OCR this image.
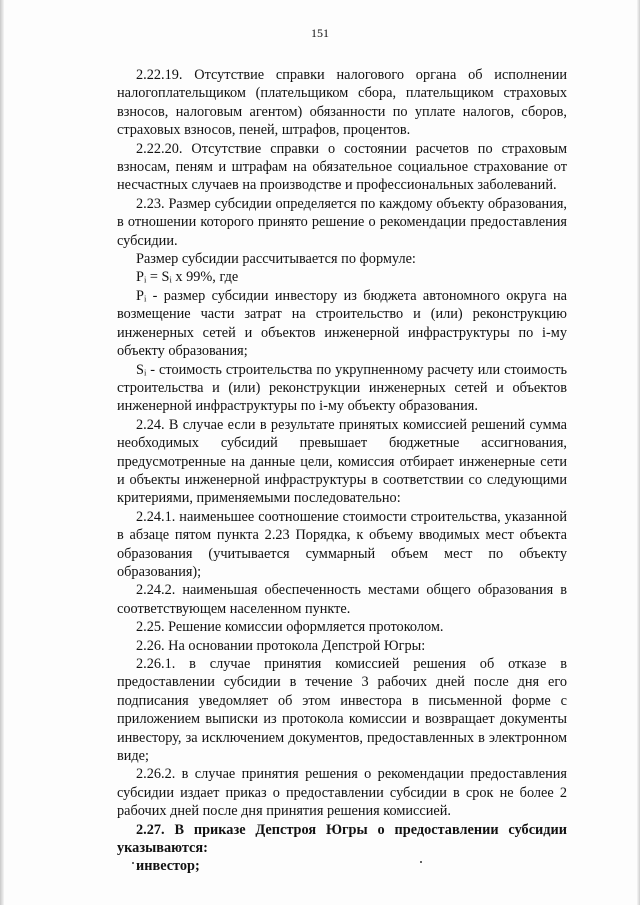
151

2.22.19. Отсутствие справки налогового органа об исполнении налогоплательщиком (плательщиком сбора, плательщиком страховых взносов, налоговым агентом) обязанности по уплате налогов, сборов, страховых взносов, пеней, штрафов, процентов.

2.22.20. Отсутствие справки о состоянии расчетов по страховым взносам, пеням и штрафам на обязательное социальное страхование от несчастных случаев на производстве и профессиональных заболеваний.

2.23. Размер субсидии определяется по каждому объекту образования, в отношении которого принято решение о рекомендации предоставления субсидии.

Размер субсидии рассчитывается по формуле:

Pᵢ = Sᵢ x 99%, где

Pᵢ - размер субсидии инвестору из бюджета автономного округа на возмещение части затрат на строительство и (или) реконструкцию инженерных сетей и объектов инженерной инфраструктуры по i-му объекту образования;

Sᵢ - стоимость строительства по укрупненному расчету или стоимость строительства и (или) реконструкции инженерных сетей и объектов инженерной инфраструктуры по i-му объекту образования.

2.24. В случае если в результате принятых комиссией решений сумма необходимых субсидий превышает бюджетные ассигнования, предусмотренные на данные цели, комиссия отбирает инженерные сети и объекты инженерной инфраструктуры в соответствии со следующими критериями, применяемыми последовательно:

2.24.1. наименьшее соотношение стоимости строительства, указанной в абзаце пятом пункта 2.23 Порядка, к объему вводимых мест объекта образования (учитывается суммарный объем мест по объекту образования);

2.24.2. наименьшая обеспеченность местами общего образования в соответствующем населенном пункте.

2.25. Решение комиссии оформляется протоколом.

2.26. На основании протокола Депстрой Югры:

2.26.1. в случае принятия комиссией решения об отказе в предоставлении субсидии в течение 3 рабочих дней после дня его подписания уведомляет об этом инвестора в письменной форме с приложением выписки из протокола комиссии и возвращает документы инвестору, за исключением документов, предоставленных в электронном виде;

2.26.2. в случае принятия решения о рекомендации предоставления субсидии издает приказ о предоставлении субсидии в срок не более 2 рабочих дней после дня принятия решения комиссией.

2.27. В приказе Депстроя Югры о предоставлении субсидии указываются:

инвестор;
